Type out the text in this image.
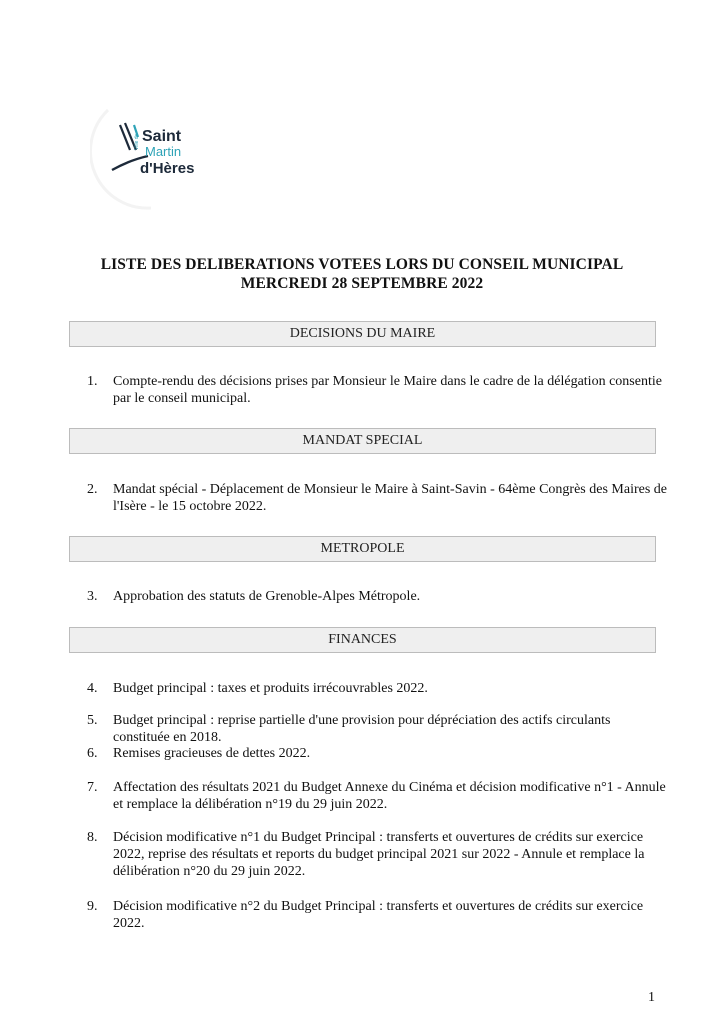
Ville de Saint
Martin
d'Hères
LISTE DES DELIBERATIONS VOTEES LORS DU CONSEIL MUNICIPAL
MERCREDI 28 SEPTEMBRE 2022
DECISIONS DU MAIRE
1.	Compte-rendu des décisions prises par Monsieur le Maire dans le cadre de la délégation consentie par le conseil municipal.
MANDAT SPECIAL
2.	Mandat spécial - Déplacement de Monsieur le Maire à Saint-Savin - 64ème Congrès des Maires de l'Isère - le 15 octobre 2022.
METROPOLE
3.	Approbation des statuts de Grenoble-Alpes Métropole.
FINANCES
4.	Budget principal : taxes et produits irrécouvrables 2022.
5.	Budget principal : reprise partielle d'une provision pour dépréciation des actifs circulants constituée en 2018.
6.	Remises gracieuses de dettes 2022.
7.	Affectation des résultats 2021 du Budget Annexe du Cinéma et décision modificative n°1 - Annule et remplace la délibération n°19 du 29 juin 2022.
8.	Décision modificative n°1 du Budget Principal : transferts et ouvertures de crédits sur exercice 2022, reprise des résultats et reports du budget principal 2021 sur 2022 - Annule et remplace la délibération n°20 du 29 juin 2022.
9.	Décision modificative n°2 du Budget Principal : transferts et ouvertures de crédits sur exercice 2022.
1
